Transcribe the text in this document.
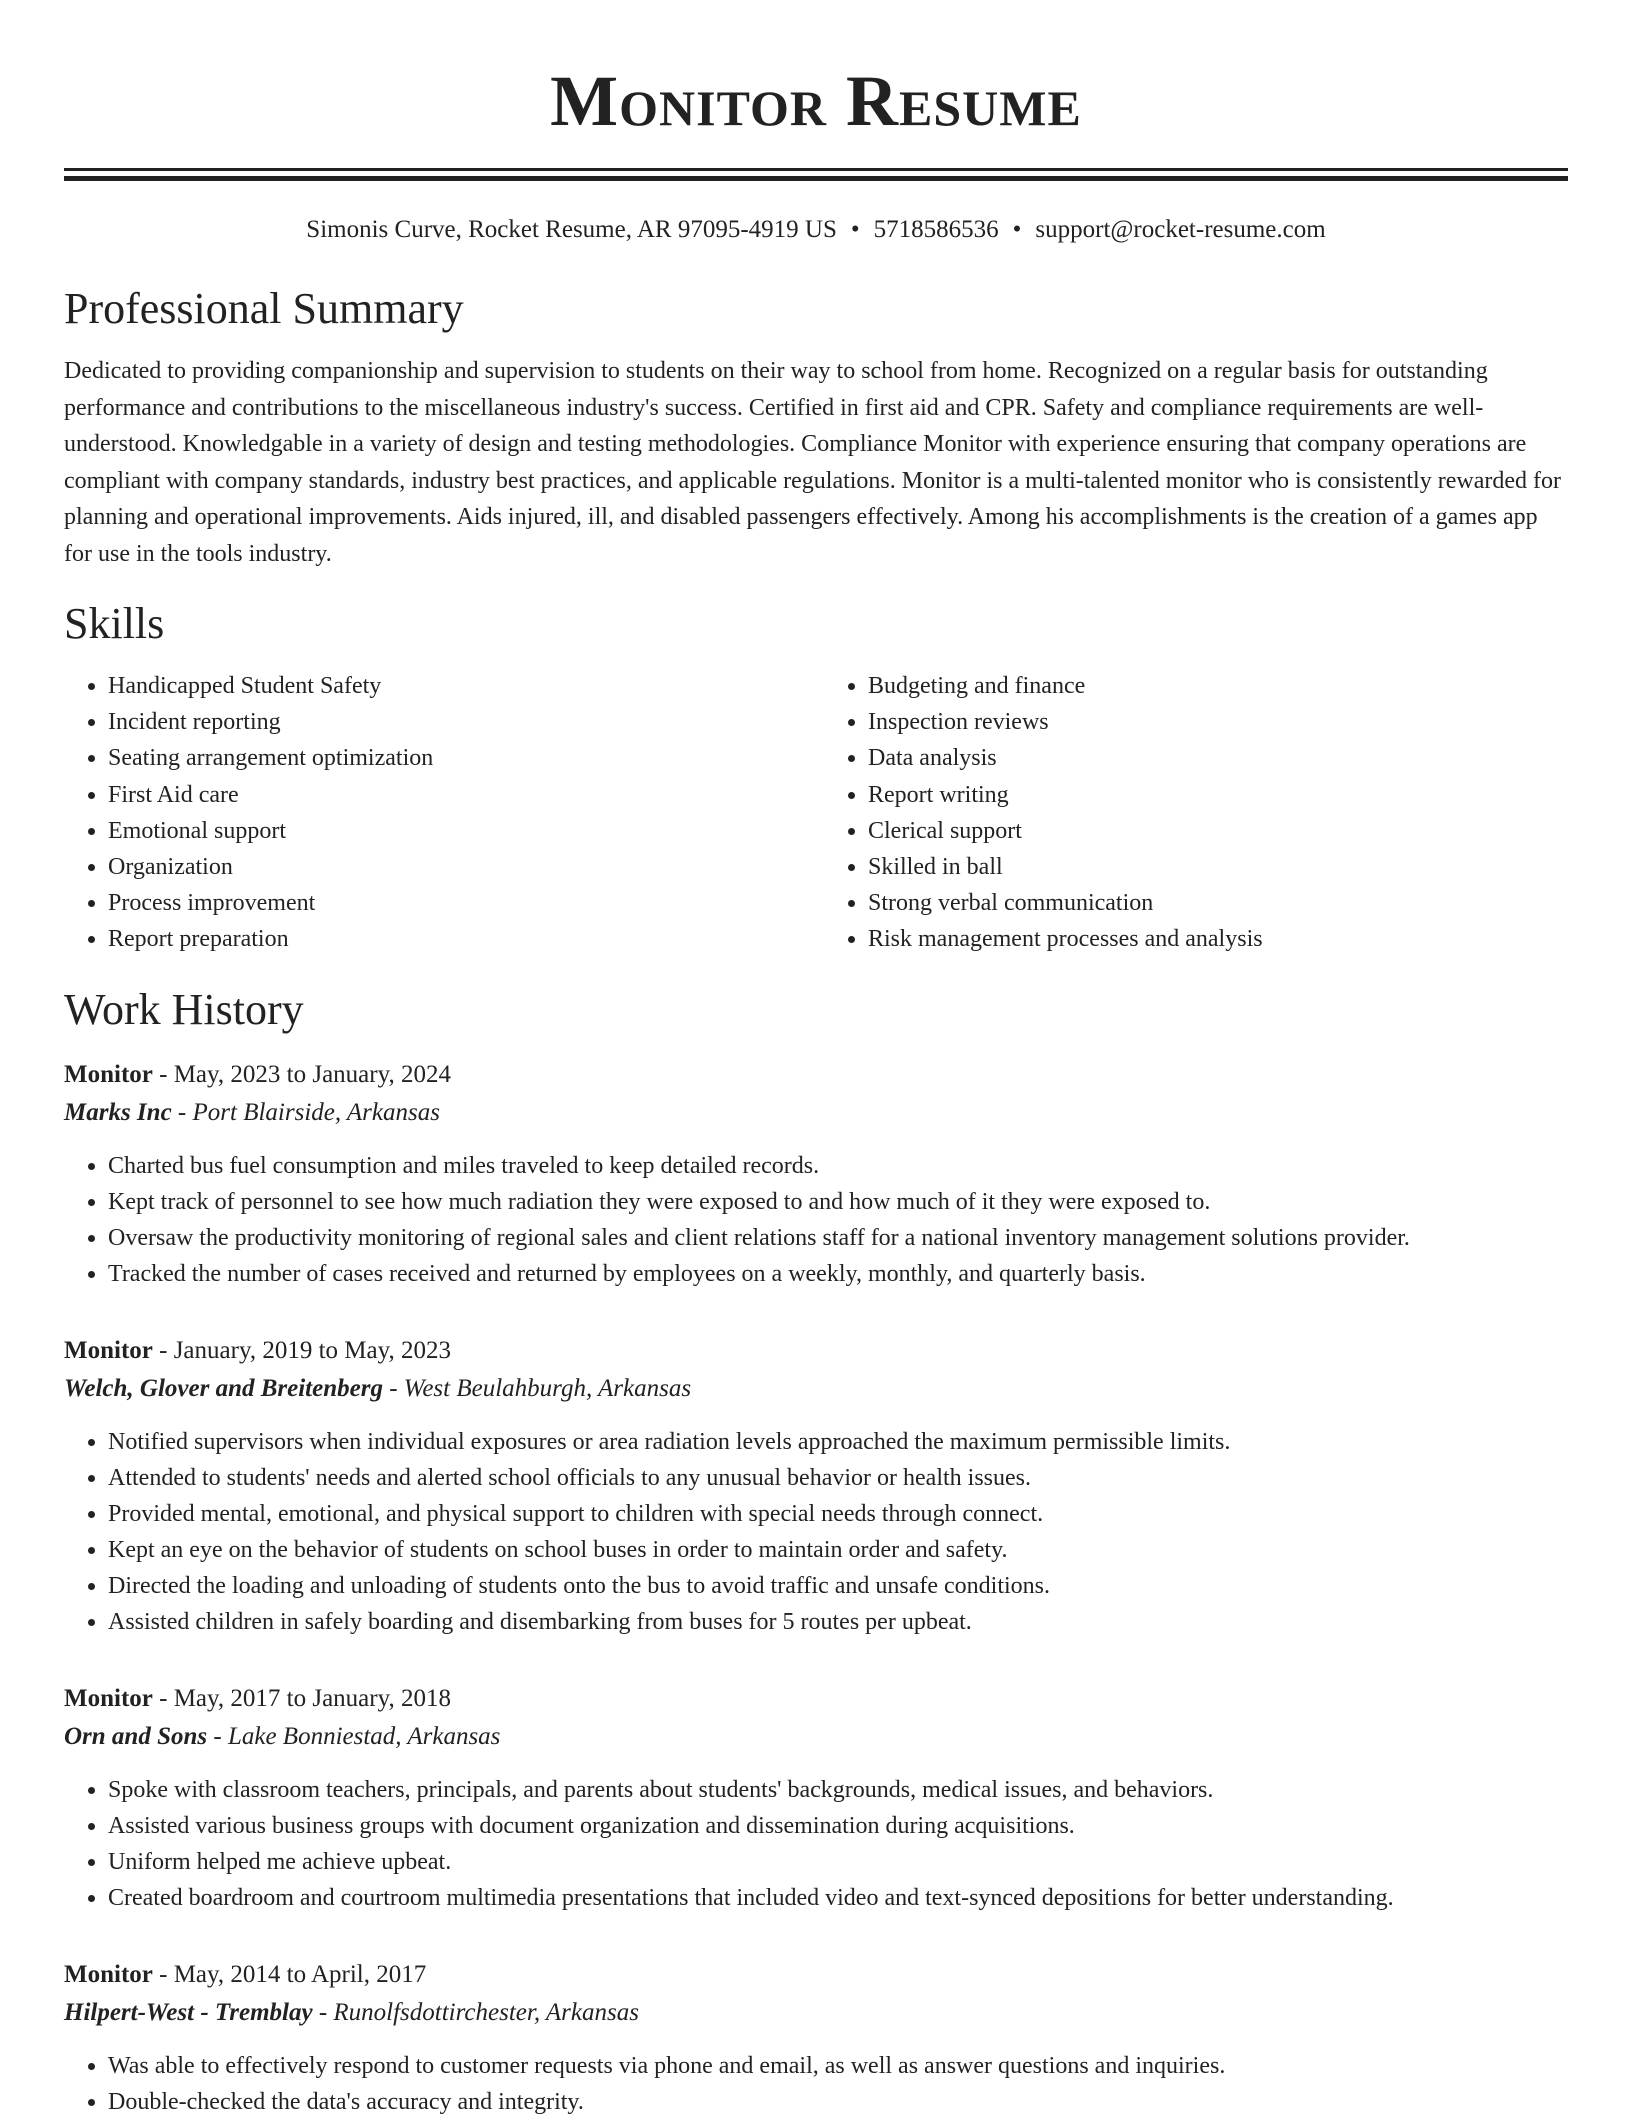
Monitor Resume
Simonis Curve, Rocket Resume, AR 97095-4919 US • 5718586536 • support@rocket-resume.com
Professional Summary

Dedicated to providing companionship and supervision to students on their way to school from home. Recognized on a regular basis for outstanding performance and contributions to the miscellaneous industry's success. Certified in first aid and CPR. Safety and compliance requirements are well-understood. Knowledgable in a variety of design and testing methodologies. Compliance Monitor with experience ensuring that company operations are compliant with company standards, industry best practices, and applicable regulations. Monitor is a multi-talented monitor who is consistently rewarded for planning and operational improvements. Aids injured, ill, and disabled passengers effectively. Among his accomplishments is the creation of a games app for use in the tools industry.

Skills
• Handicapped Student Safety
• Incident reporting
• Seating arrangement optimization
• First Aid care
• Emotional support
• Organization
• Process improvement
• Report preparation
• Budgeting and finance
• Inspection reviews
• Data analysis
• Report writing
• Clerical support
• Skilled in ball
• Strong verbal communication
• Risk management processes and analysis
Work History
Monitor - May, 2023 to January, 2024
Marks Inc - Port Blairside, Arkansas
• Charted bus fuel consumption and miles traveled to keep detailed records.
• Kept track of personnel to see how much radiation they were exposed to and how much of it they were exposed to.
• Oversaw the productivity monitoring of regional sales and client relations staff for a national inventory management solutions provider.
• Tracked the number of cases received and returned by employees on a weekly, monthly, and quarterly basis.
Monitor - January, 2019 to May, 2023
Welch, Glover and Breitenberg - West Beulahburgh, Arkansas
• Notified supervisors when individual exposures or area radiation levels approached the maximum permissible limits.
• Attended to students' needs and alerted school officials to any unusual behavior or health issues.
• Provided mental, emotional, and physical support to children with special needs through connect.
• Kept an eye on the behavior of students on school buses in order to maintain order and safety.
• Directed the loading and unloading of students onto the bus to avoid traffic and unsafe conditions.
• Assisted children in safely boarding and disembarking from buses for 5 routes per upbeat.
Monitor - May, 2017 to January, 2018
Orn and Sons - Lake Bonniestad, Arkansas
• Spoke with classroom teachers, principals, and parents about students' backgrounds, medical issues, and behaviors.
• Assisted various business groups with document organization and dissemination during acquisitions.
• Uniform helped me achieve upbeat.
• Created boardroom and courtroom multimedia presentations that included video and text-synced depositions for better understanding.
Monitor - May, 2014 to April, 2017
Hilpert-West - Tremblay - Runolfsdottirchester, Arkansas
• Was able to effectively respond to customer requests via phone and email, as well as answer questions and inquiries.
• Double-checked the data's accuracy and integrity.
